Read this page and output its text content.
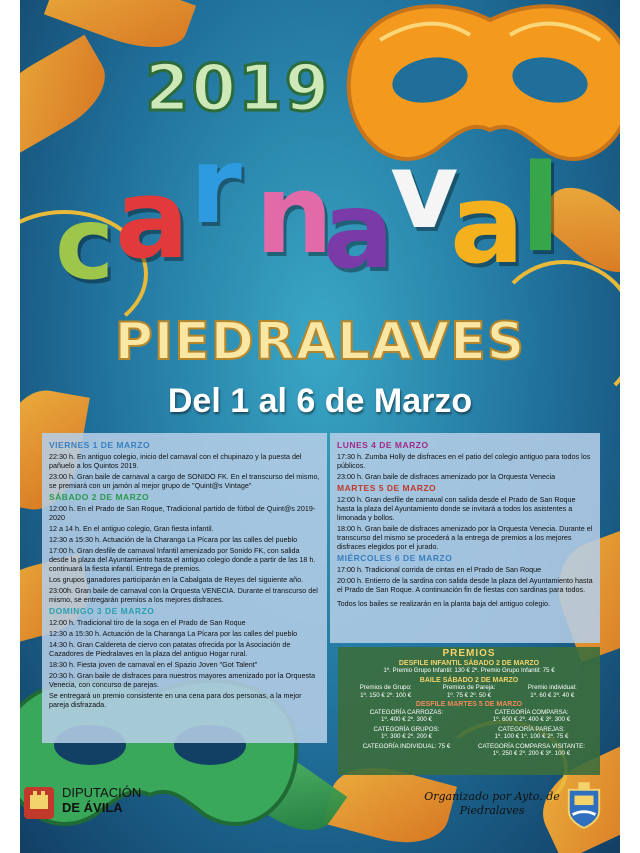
2019
c a r n
a
v
a
l
PIEDRALAVES
Del 1 al 6 de Marzo
VIERNES 1 DE MARZO
22:30 h. En antiguo colegio, inicio del carnaval con el chupinazo y la puesta del pañuelo a los Quintos 2019.
23:00 h. Gran baile de carnaval a cargo de SONIDO FK. En el transcurso del mismo, se premiará con un jamón al mejor grupo de "Quint@s Vintage"
SÁBADO 2 DE MARZO
12:00 h. En el Prado de San Roque, Tradicional partido de fútbol de Quint@s 2019-2020
12 a 14 h. En el antiguo colegio, Gran fiesta infantil.
12:30 a 15:30 h. Actuación de la Charanga La Pícara por las calles del pueblo
17:00 h. Gran desfile de carnaval Infantil amenizado por Sonido FK, con salida desde la plaza del Ayuntamiento hasta el antiguo colegio donde a partir de las 18 h. continuará la fiesta infantil. Entrega de premios.
Los grupos ganadores participarán en la Cabalgata de Reyes del siguiente año.
23:00h. Gran baile de carnaval con la Orquesta VENECIA. Durante el transcurso del mismo, se entregarán premios a los mejores disfraces.
DOMINGO 3 DE MARZO
12:00 h. Tradicional tiro de la soga en el Prado de San Roque
12:30 a 15:30 h. Actuación de la Charanga La Pícara por las calles del pueblo
14:30 h. Gran Caldereta de ciervo con patatas ofrecida por la Asociación de Cazadores de Piedralaves en la plaza del antiguo Hogar rural.
18:30 h. Fiesta joven de carnaval en el Spazio Joven "Got Talent"
20:30 h. Gran baile de disfraces para nuestros mayores amenizado por la Orquesta Venecia, con concurso de parejas.
Se entregará un premio consistente en una cena para dos personas, a la mejor pareja disfrazada.
LUNES 4 DE MARZO
17:30 h. Zumba Holly de disfraces en el patio del colegio antiguo para todos los públicos.
23:00 h. Gran baile de disfraces amenizado por la Orquesta Venecia
MARTES 5 DE MARZO
12:00 h. Gran desfile de carnaval con salida desde el Prado de San Roque hasta la plaza del Ayuntamiento donde se invitará a todos los asistentes a limonada y bollos.
18:00 h. Gran baile de disfraces amenizado por la Orquesta Venecia. Durante el transcurso del mismo se procederá a la entrega de premios a los mejores disfraces elegidos por el jurado.
MIÉRCOLES 6 DE MARZO
17:00 h. Tradicional corrida de cintas en el Prado de San Roque
20:00 h. Entierro de la sardina con salida desde la plaza del Ayuntamiento hasta el Prado de San Roque. A continuación fin de fiestas con sardinas para todos.
Todos los bailes se realizarán en la planta baja del antiguo colegio.
PREMIOS
DESFILE INFANTIL SÁBADO 2 DE MARZO
1º. Premio Grupo Infantil: 130 € 2º. Premio Grupo Infantil: 75 €
BAILE SÁBADO 2 DE MARZO
Premios de Grupo:
1º. 150 € 2º. 100 €
Premios de Pareja:
1º. 75 € 2º. 50 €
Premio individual:
1º. 60 € 2º. 40 €
DESFILE MARTES 5 DE MARZO
CATEGORÍA CARROZAS:
1º. 400 € 2º. 300 €
CATEGORÍA COMPARSA:
1º. 600 € 2º. 400 € 3º. 300 €
CATEGORÍA GRUPOS:
1º. 300 € 2º. 200 €
CATEGORÍA PAREJAS:
1º. 100 € 1º. 100 € 2º. 75 €
CATEGORÍA INDIVIDUAL: 75 €	CATEGORÍA COMPARSA VISITANTE:
1º. 250 € 2º. 200 € 3º. 100 €
DIPUTACIÓN
DE ÁVILA
Organizado por Ayto. de
Piedralaves
